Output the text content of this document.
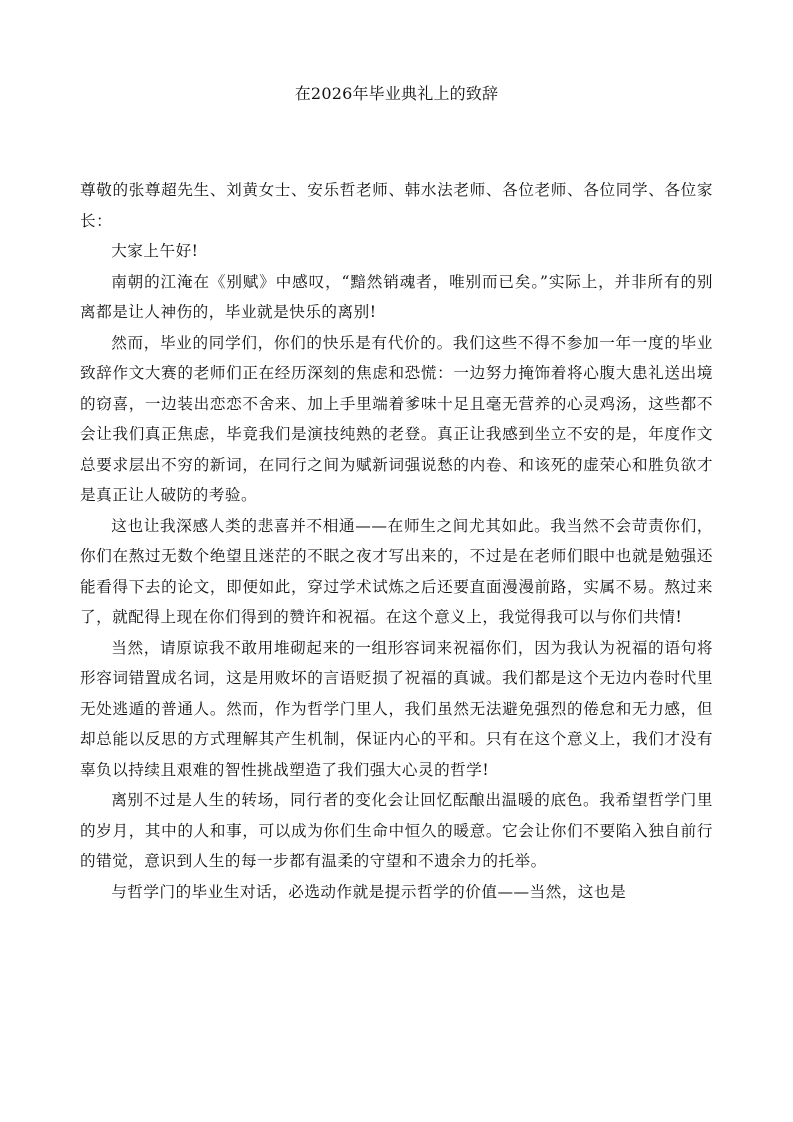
在2026年毕业典礼上的致辞

尊敬的张尊超先生、刘黄女士、安乐哲老师、韩水法老师、各位老师、各位同学、各位家长：

大家上午好!

南朝的江淹在《别赋》中感叹，“黯然销魂者，唯别而已矣。”实际上，并非所有的别离都是让人神伤的，毕业就是快乐的离别!

然而，毕业的同学们，你们的快乐是有代价的。我们这些不得不参加一年一度的毕业致辞作文大赛的老师们正在经历深刻的焦虑和恐慌：一边努力掩饰着将心腹大患礼送出境的窃喜，一边装出恋恋不舍来、加上手里端着爹味十足且毫无营养的心灵鸡汤，这些都不会让我们真正焦虑，毕竟我们是演技纯熟的老登。真正让我感到坐立不安的是，年度作文总要求层出不穷的新词，在同行之间为赋新词强说愁的内卷、和该死的虚荣心和胜负欲才是真正让人破防的考验。

这也让我深感人类的悲喜并不相通——在师生之间尤其如此。我当然不会苛责你们，你们在熬过无数个绝望且迷茫的不眠之夜才写出来的，不过是在老师们眼中也就是勉强还能看得下去的论文，即便如此，穿过学术试炼之后还要直面漫漫前路，实属不易。熬过来了，就配得上现在你们得到的赞许和祝福。在这个意义上，我觉得我可以与你们共情!

当然，请原谅我不敢用堆砌起来的一组形容词来祝福你们，因为我认为祝福的语句将形容词错置成名词，这是用败坏的言语贬损了祝福的真诚。我们都是这个无边内卷时代里无处逃遁的普通人。然而，作为哲学门里人，我们虽然无法避免强烈的倦怠和无力感，但却总能以反思的方式理解其产生机制，保证内心的平和。只有在这个意义上，我们才没有辜负以持续且艰难的智性挑战塑造了我们强大心灵的哲学!

离别不过是人生的转场，同行者的变化会让回忆酝酿出温暖的底色。我希望哲学门里的岁月，其中的人和事，可以成为你们生命中恒久的暖意。它会让你们不要陷入独自前行的错觉，意识到人生的每一步都有温柔的守望和不遗余力的托举。

与哲学门的毕业生对话，必选动作就是提示哲学的价值——当然，这也是
